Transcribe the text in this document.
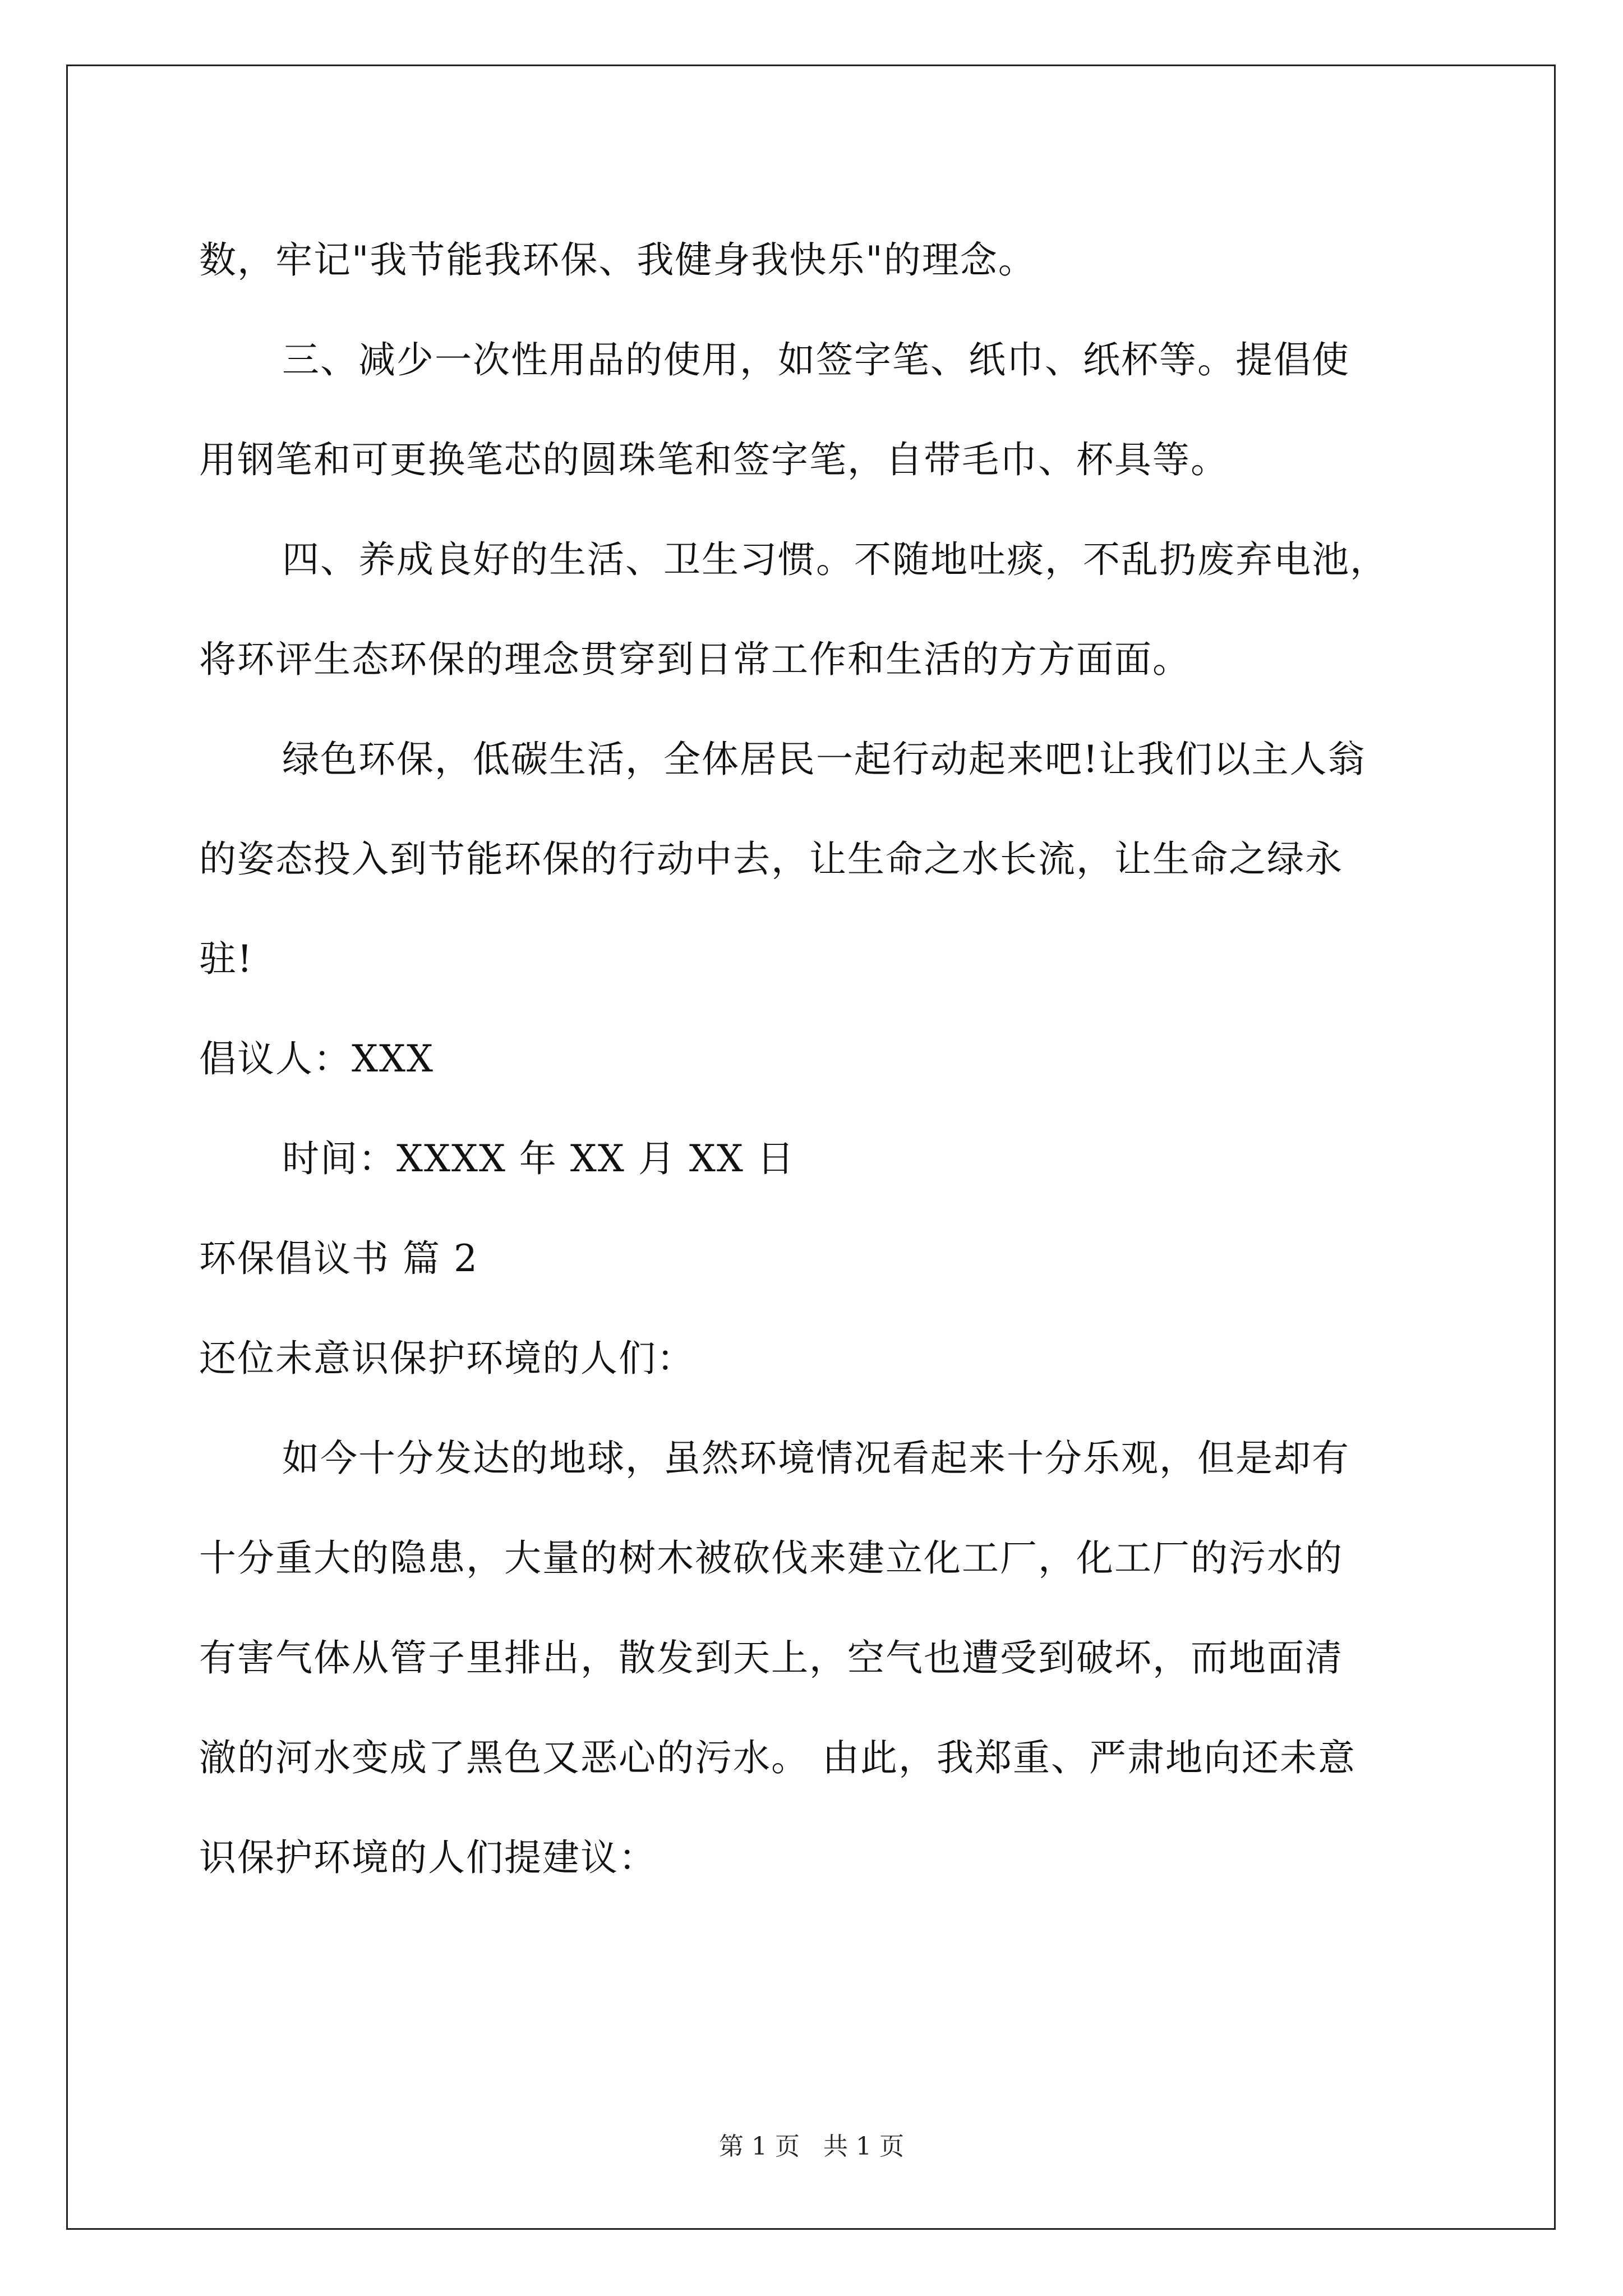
数，牢记"我节能我环保、我健身我快乐"的理念。
三、减少一次性用品的使用，如签字笔、纸巾、纸杯等。提倡使
用钢笔和可更换笔芯的圆珠笔和签字笔，自带毛巾、杯具等。
四、养成良好的生活、卫生习惯。不随地吐痰，不乱扔废弃电池，
将环评生态环保的理念贯穿到日常工作和生活的方方面面。
绿色环保，低碳生活，全体居民一起行动起来吧!让我们以主人翁
的姿态投入到节能环保的行动中去，让生命之水长流，让生命之绿永
驻!
倡议人：XXX
时间：XXXX 年 XX 月 XX 日
环保倡议书 篇 2
还位未意识保护环境的人们：
如今十分发达的地球，虽然环境情况看起来十分乐观，但是却有
十分重大的隐患，大量的树木被砍伐来建立化工厂，化工厂的污水的
有害气体从管子里排出，散发到天上，空气也遭受到破坏，而地面清
澈的河水变成了黑色又恶心的污水。 由此，我郑重、严肃地向还未意
识保护环境的人们提建议：
第 1 页   共 1 页
